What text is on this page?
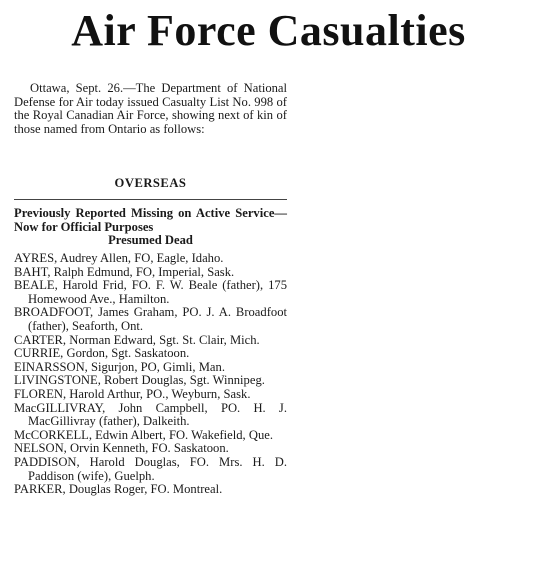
Air Force Casualties

Ottawa, Sept. 26.—The Department of National Defense for Air today issued Casualty List No. 998 of the Royal Canadian Air Force, showing next of kin of those named from Ontario as follows:

OVERSEAS
Previously Reported Missing on Active Service—Now for Official Purposes
Presumed Dead
AYRES, Audrey Allen, FO, Eagle, Idaho.
BAHT, Ralph Edmund, FO, Imperial, Sask.
BEALE, Harold Frid, FO. F. W. Beale (father), 175 Homewood Ave., Hamilton.
BROADFOOT, James Graham, PO. J. A. Broadfoot (father), Seaforth, Ont.
CARTER, Norman Edward, Sgt. St. Clair, Mich.
CURRIE, Gordon, Sgt. Saskatoon.
EINARSSON, Sigurjon, PO, Gimli, Man.
LIVINGSTONE, Robert Douglas, Sgt. Winnipeg.
FLOREN, Harold Arthur, PO., Weyburn, Sask.
MacGILLIVRAY, John Campbell, PO. H. J. MacGillivray (father), Dalkeith.
McCORKELL, Edwin Albert, FO. Wakefield, Que.
NELSON, Orvin Kenneth, FO. Saskatoon.
PADDISON, Harold Douglas, FO. Mrs. H. D. Paddison (wife), Guelph.
PARKER, Douglas Roger, FO. Montreal.
